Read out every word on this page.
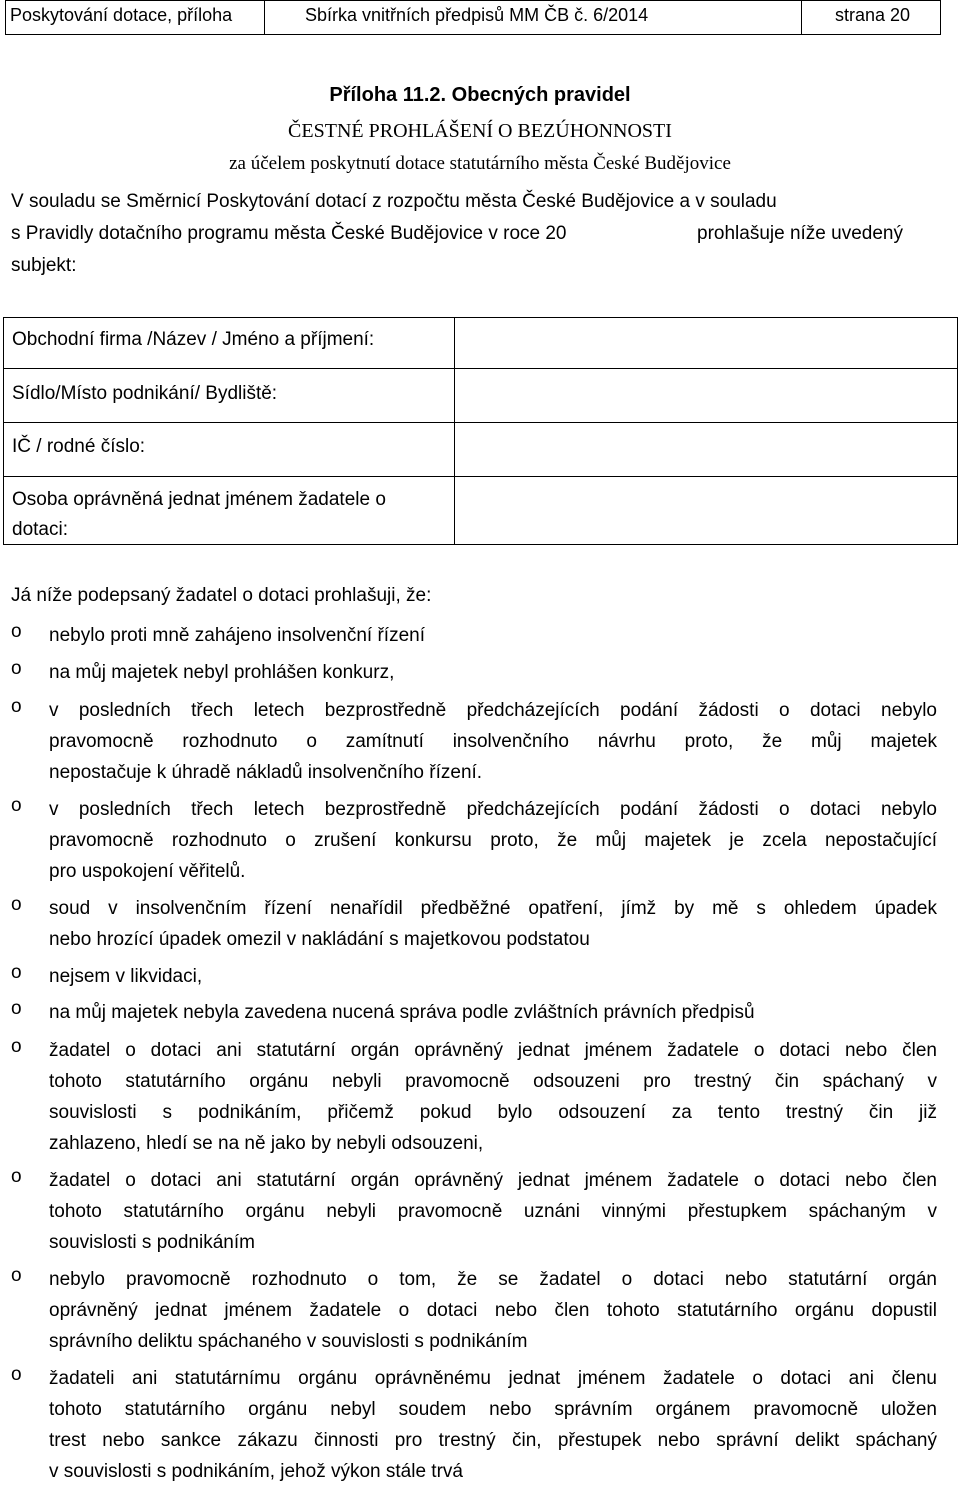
Poskytování dotace, příloha	Sbírka vnitřních předpisů MM ČB č. 6/2014	strana 20
Příloha 11.2. Obecných pravidel
ČESTNÉ PROHLÁŠENÍ O BEZÚHONNOSTI
za účelem poskytnutí dotace statutárního města České Budějovice
V souladu se Směrnicí Poskytování dotací z rozpočtu města České Budějovice a v souladu
s Pravidly dotačního programu města České Budějovice v roce 20	prohlašuje níže uvedený
subjekt:
Obchodní firma /Název / Jméno a příjmení:
Sídlo/Místo podnikání/ Bydliště:
IČ / rodné číslo:
Osoba oprávněná jednat jménem žadatele o
dotaci:
Já níže podepsaný žadatel o dotaci prohlašuji, že:
o nebylo proti mně zahájeno insolvenční řízení
o na můj majetek nebyl prohlášen konkurz,
o v posledních třech letech bezprostředně předcházejících podání žádosti o dotaci nebylo
pravomocně rozhodnuto o zamítnutí insolvenčního návrhu proto, že můj majetek
nepostačuje k úhradě nákladů insolvenčního řízení.
o v posledních třech letech bezprostředně předcházejících podání žádosti o dotaci nebylo
pravomocně rozhodnuto o zrušení konkursu proto, že můj majetek je zcela nepostačující
pro uspokojení věřitelů.
o soud v insolvenčním řízení nenařídil předběžné opatření, jímž by mě s ohledem úpadek
nebo hrozící úpadek omezil v nakládání s majetkovou podstatou
o nejsem v likvidaci,
o na můj majetek nebyla zavedena nucená správa podle zvláštních právních předpisů
o žadatel o dotaci ani statutární orgán oprávněný jednat jménem žadatele o dotaci nebo člen
tohoto statutárního orgánu nebyli pravomocně odsouzeni pro trestný čin spáchaný v
souvislosti s podnikáním, přičemž pokud bylo odsouzení za tento trestný čin již
zahlazeno, hledí se na ně jako by nebyli odsouzeni,
o žadatel o dotaci ani statutární orgán oprávněný jednat jménem žadatele o dotaci nebo člen
tohoto statutárního orgánu nebyli pravomocně uznáni vinnými přestupkem spáchaným v
souvislosti s podnikáním
o nebylo pravomocně rozhodnuto o tom, že se žadatel o dotaci nebo statutární orgán
oprávněný jednat jménem žadatele o dotaci nebo člen tohoto statutárního orgánu dopustil
správního deliktu spáchaného v souvislosti s podnikáním
o žadateli ani statutárnímu orgánu oprávněnému jednat jménem žadatele o dotaci ani členu
tohoto statutárního orgánu nebyl soudem nebo správním orgánem pravomocně uložen
trest nebo sankce zákazu činnosti pro trestný čin, přestupek nebo správní delikt spáchaný
v souvislosti s podnikáním, jehož výkon stále trvá
